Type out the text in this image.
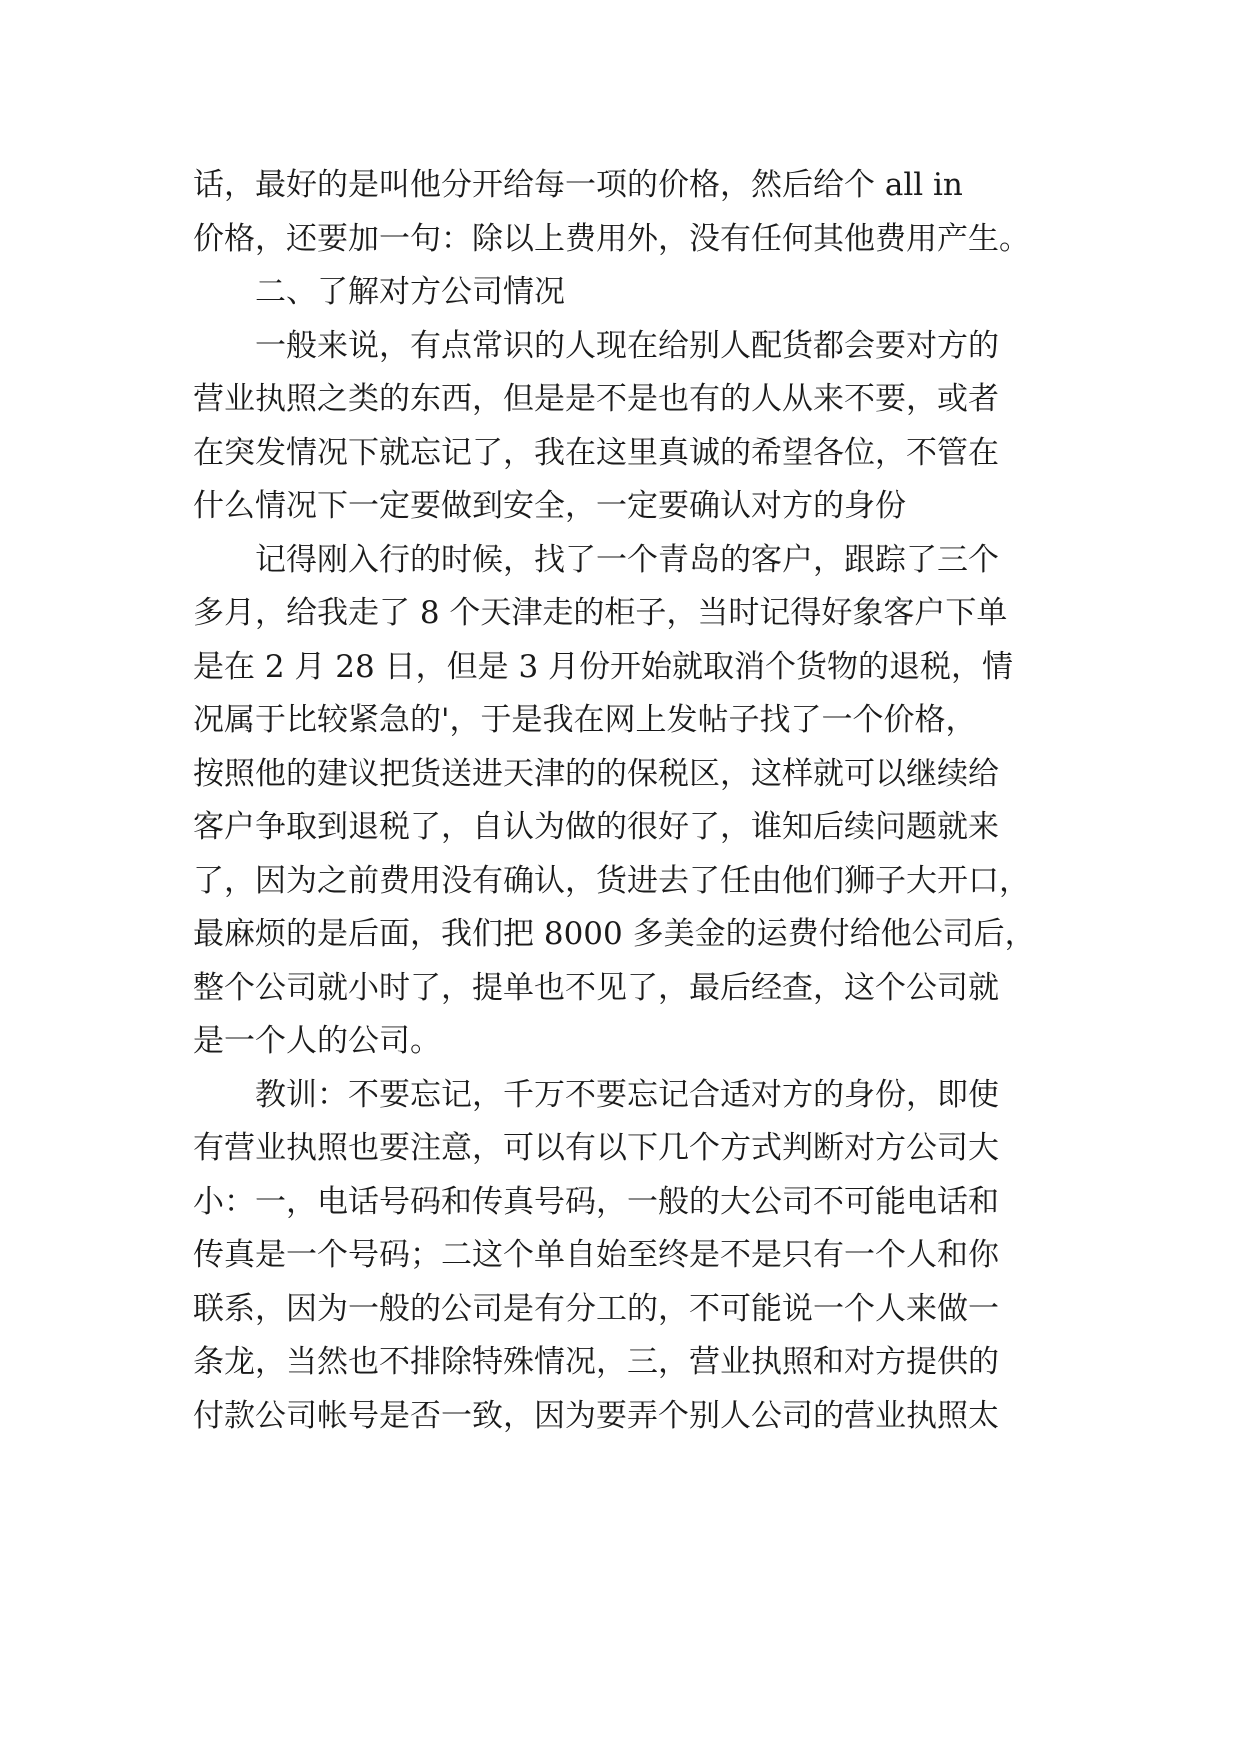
话，最好的是叫他分开给每一项的价格，然后给个 all in
价格，还要加一句：除以上费用外，没有任何其他费用产生。
二、了解对方公司情况
一般来说，有点常识的人现在给别人配货都会要对方的
营业执照之类的东西，但是是不是也有的人从来不要，或者
在突发情况下就忘记了，我在这里真诚的希望各位，不管在
什么情况下一定要做到安全，一定要确认对方的身份
记得刚入行的时候，找了一个青岛的客户，跟踪了三个
多月，给我走了 8 个天津走的柜子，当时记得好象客户下单
是在 2 月 28 日，但是 3 月份开始就取消个货物的退税，情
况属于比较紧急的'，于是我在网上发帖子找了一个价格，
按照他的建议把货送进天津的的保税区，这样就可以继续给
客户争取到退税了，自认为做的很好了，谁知后续问题就来
了，因为之前费用没有确认，货进去了任由他们狮子大开口，
最麻烦的是后面，我们把 8000 多美金的运费付给他公司后，
整个公司就小时了，提单也不见了，最后经查，这个公司就
是一个人的公司。
教训：不要忘记，千万不要忘记合适对方的身份，即使
有营业执照也要注意，可以有以下几个方式判断对方公司大
小：一，电话号码和传真号码，一般的大公司不可能电话和
传真是一个号码；二这个单自始至终是不是只有一个人和你
联系，因为一般的公司是有分工的，不可能说一个人来做一
条龙，当然也不排除特殊情况，三，营业执照和对方提供的
付款公司帐号是否一致，因为要弄个别人公司的营业执照太
